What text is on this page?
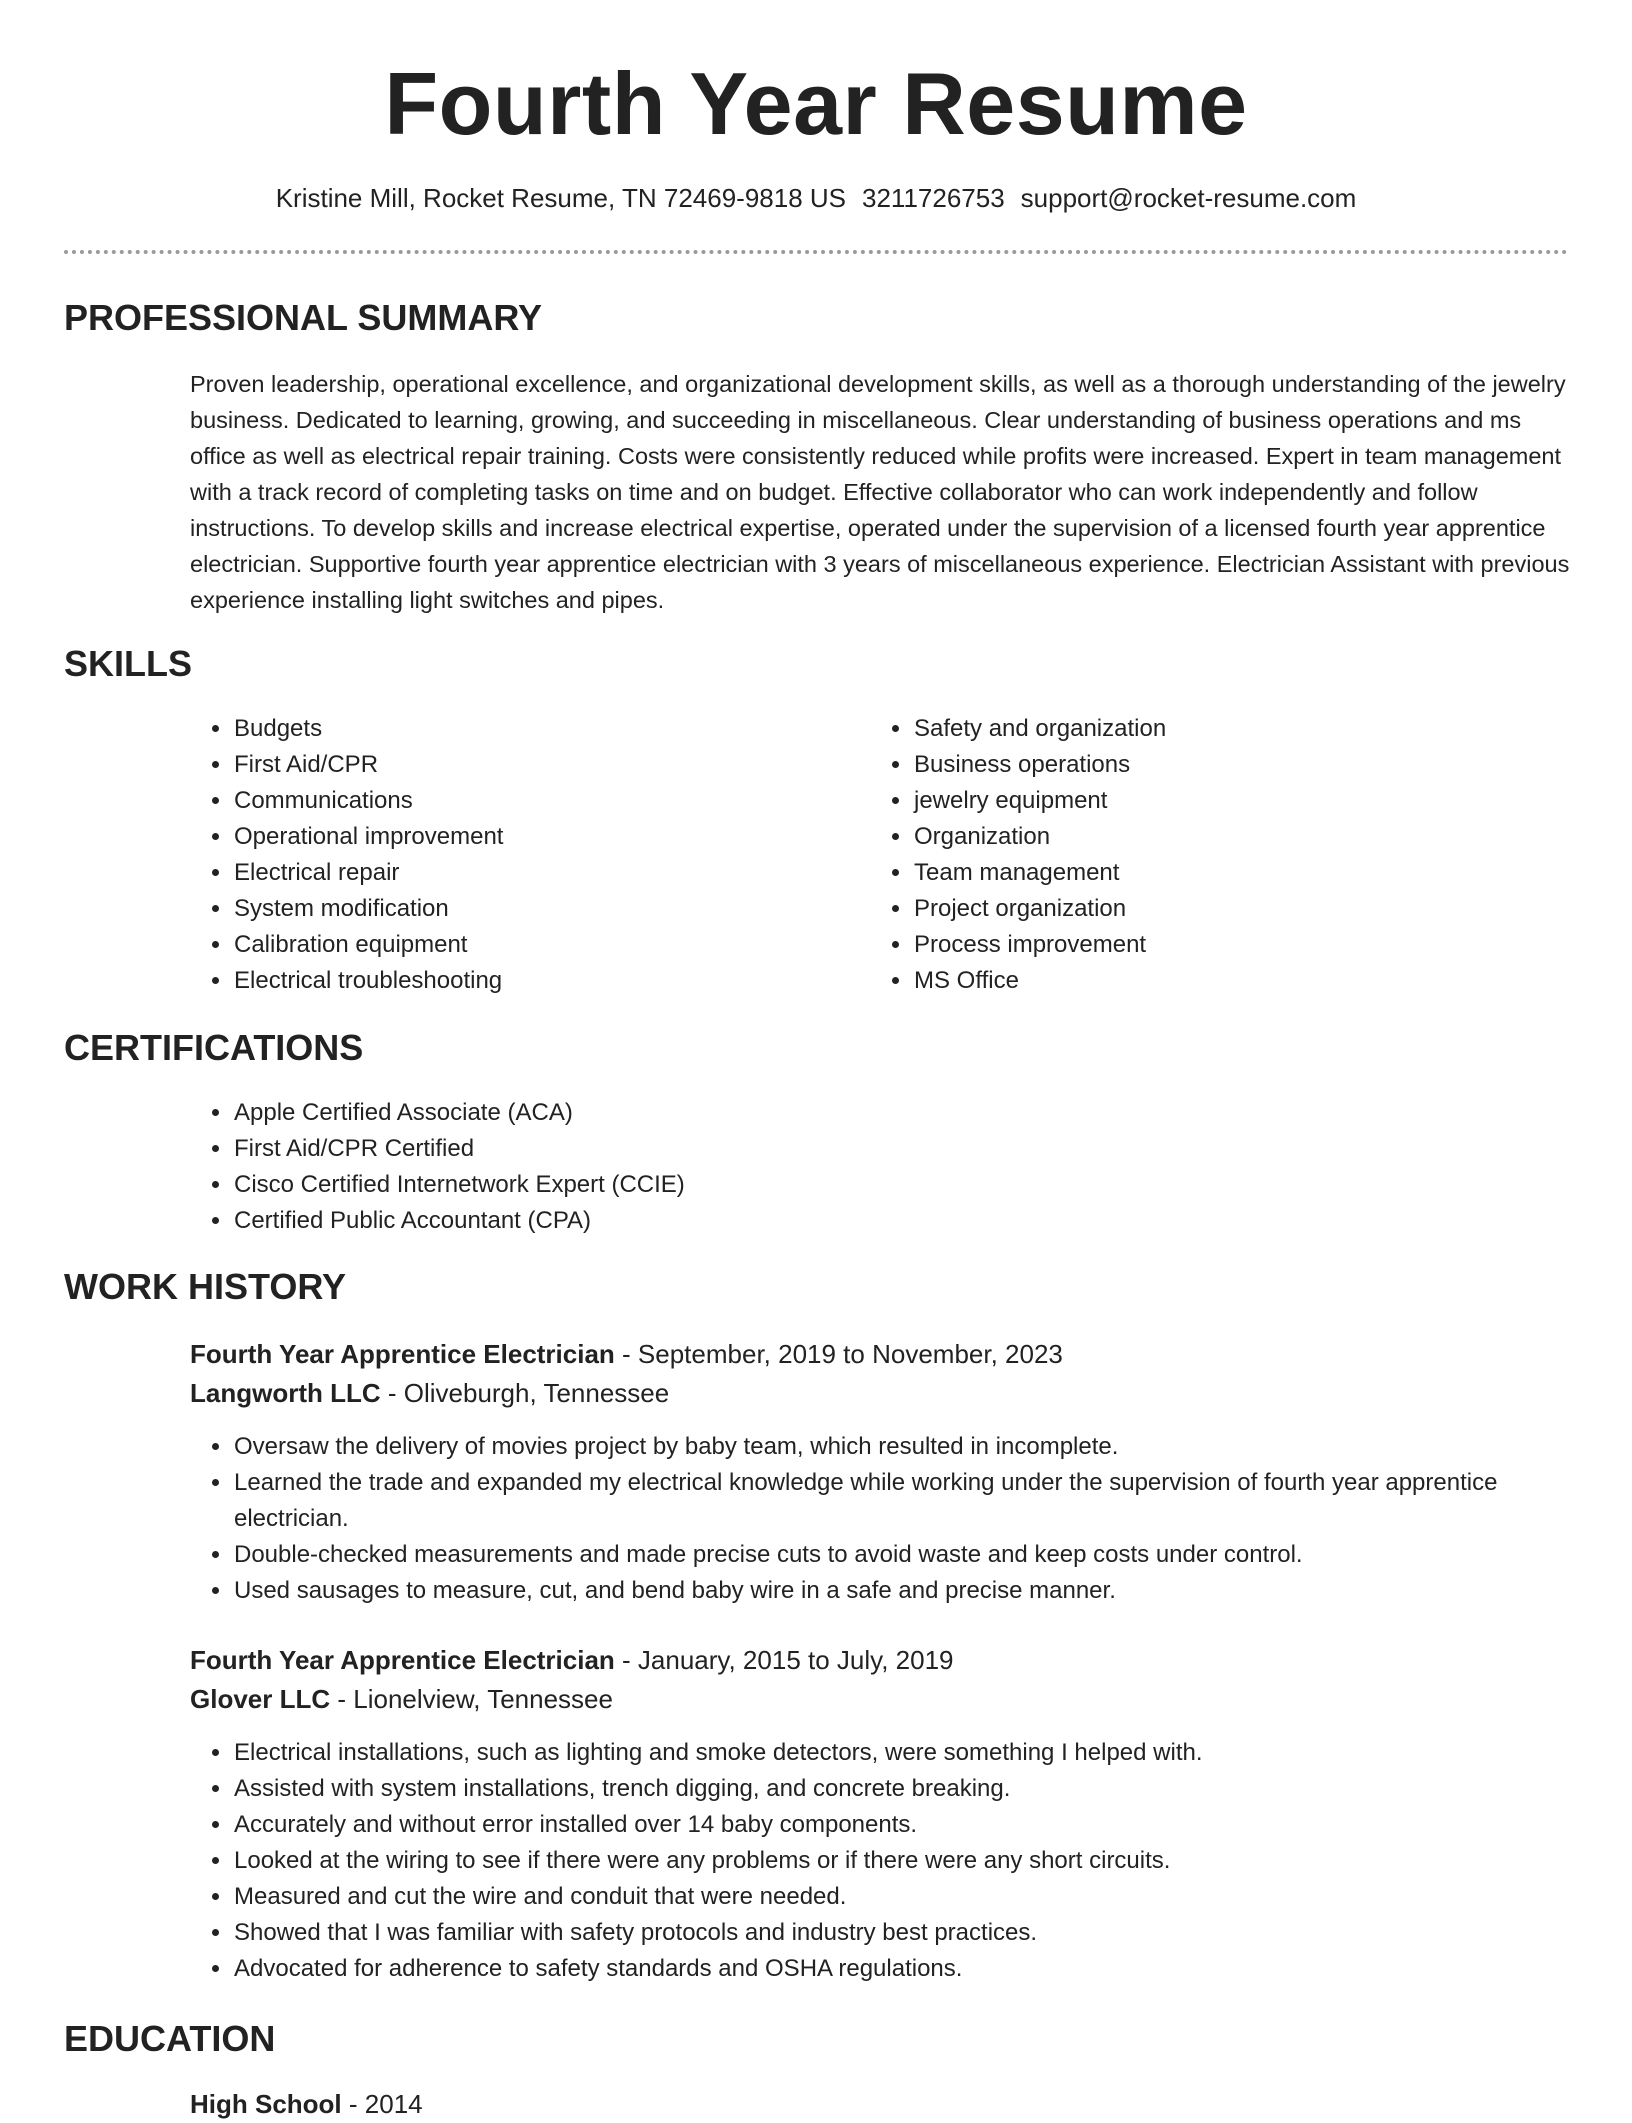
Fourth Year Resume
Kristine Mill, Rocket Resume, TN 72469-9818 US 3211726753 support@rocket-resume.com
PROFESSIONAL SUMMARY

Proven leadership, operational excellence, and organizational development skills, as well as a thorough understanding of the jewelry business. Dedicated to learning, growing, and succeeding in miscellaneous. Clear understanding of business operations and ms office as well as electrical repair training. Costs were consistently reduced while profits were increased. Expert in team management with a track record of completing tasks on time and on budget. Effective collaborator who can work independently and follow instructions. To develop skills and increase electrical expertise, operated under the supervision of a licensed fourth year apprentice electrician. Supportive fourth year apprentice electrician with 3 years of miscellaneous experience. Electrician Assistant with previous experience installing light switches and pipes.

SKILLS
• Budgets
• First Aid/CPR
• Communications
• Operational improvement
• Electrical repair
• System modification
• Calibration equipment
• Electrical troubleshooting
• Safety and organization
• Business operations
• jewelry equipment
• Organization
• Team management
• Project organization
• Process improvement
• MS Office
CERTIFICATIONS
• Apple Certified Associate (ACA)
• First Aid/CPR Certified
• Cisco Certified Internetwork Expert (CCIE)
• Certified Public Accountant (CPA)
WORK HISTORY
Fourth Year Apprentice Electrician - September, 2019 to November, 2023
Langworth LLC - Oliveburgh, Tennessee
• Oversaw the delivery of movies project by baby team, which resulted in incomplete.
• Learned the trade and expanded my electrical knowledge while working under the supervision of fourth year apprentice electrician.
• Double-checked measurements and made precise cuts to avoid waste and keep costs under control.
• Used sausages to measure, cut, and bend baby wire in a safe and precise manner.
Fourth Year Apprentice Electrician - January, 2015 to July, 2019
Glover LLC - Lionelview, Tennessee
• Electrical installations, such as lighting and smoke detectors, were something I helped with.
• Assisted with system installations, trench digging, and concrete breaking.
• Accurately and without error installed over 14 baby components.
• Looked at the wiring to see if there were any problems or if there were any short circuits.
• Measured and cut the wire and conduit that were needed.
• Showed that I was familiar with safety protocols and industry best practices.
• Advocated for adherence to safety standards and OSHA regulations.
EDUCATION
High School - 2014
